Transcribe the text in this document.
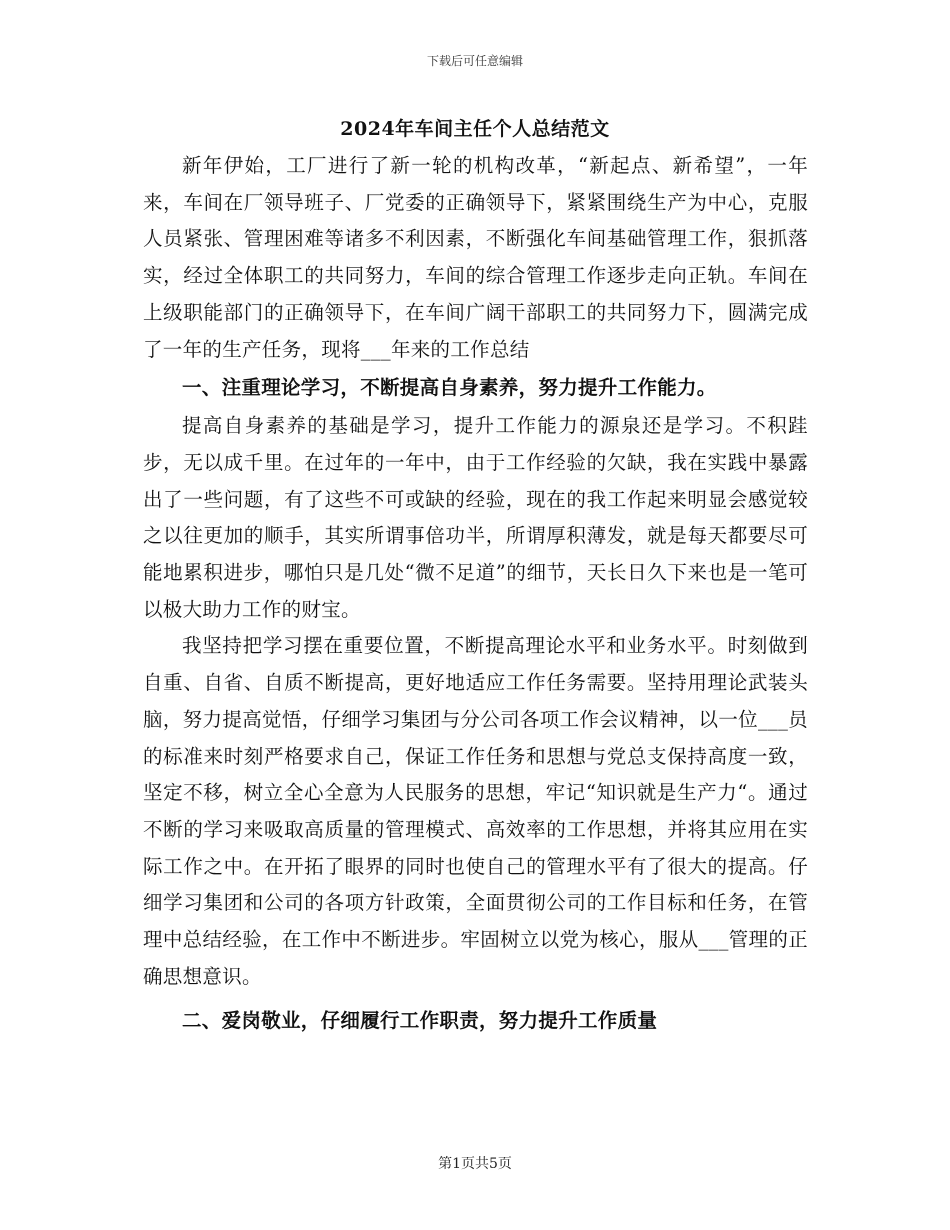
下载后可任意编辑
2024年车间主任个人总结范文

新年伊始，工厂进行了新一轮的机构改革，“新起点、新希望”，一年来，车间在厂领导班子、厂党委的正确领导下，紧紧围绕生产为中心，克服人员紧张、管理困难等诸多不利因素，不断强化车间基础管理工作，狠抓落实，经过全体职工的共同努力，车间的综合管理工作逐步走向正轨。车间在上级职能部门的正确领导下，在车间广阔干部职工的共同努力下，圆满完成了一年的生产任务，现将___年来的工作总结

一、注重理论学习，不断提高自身素养，努力提升工作能力。

提高自身素养的基础是学习，提升工作能力的源泉还是学习。不积跬步，无以成千里。在过年的一年中，由于工作经验的欠缺，我在实践中暴露出了一些问题，有了这些不可或缺的经验，现在的我工作起来明显会感觉较之以往更加的顺手，其实所谓事倍功半，所谓厚积薄发，就是每天都要尽可能地累积进步，哪怕只是几处“微不足道”的细节，天长日久下来也是一笔可以极大助力工作的财宝。

我坚持把学习摆在重要位置，不断提高理论水平和业务水平。时刻做到自重、自省、自质不断提高，更好地适应工作任务需要。坚持用理论武装头脑，努力提高觉悟，仔细学习集团与分公司各项工作会议精神，以一位___员的标准来时刻严格要求自己，保证工作任务和思想与党总支保持高度一致，坚定不移，树立全心全意为人民服务的思想，牢记“知识就是生产力“。通过不断的学习来吸取高质量的管理模式、高效率的工作思想，并将其应用在实际工作之中。在开拓了眼界的同时也使自己的管理水平有了很大的提高。仔细学习集团和公司的各项方针政策，全面贯彻公司的工作目标和任务，在管理中总结经验，在工作中不断进步。牢固树立以党为核心，服从___管理的正确思想意识。

二、爱岗敬业，仔细履行工作职责，努力提升工作质量

第1页共5页
